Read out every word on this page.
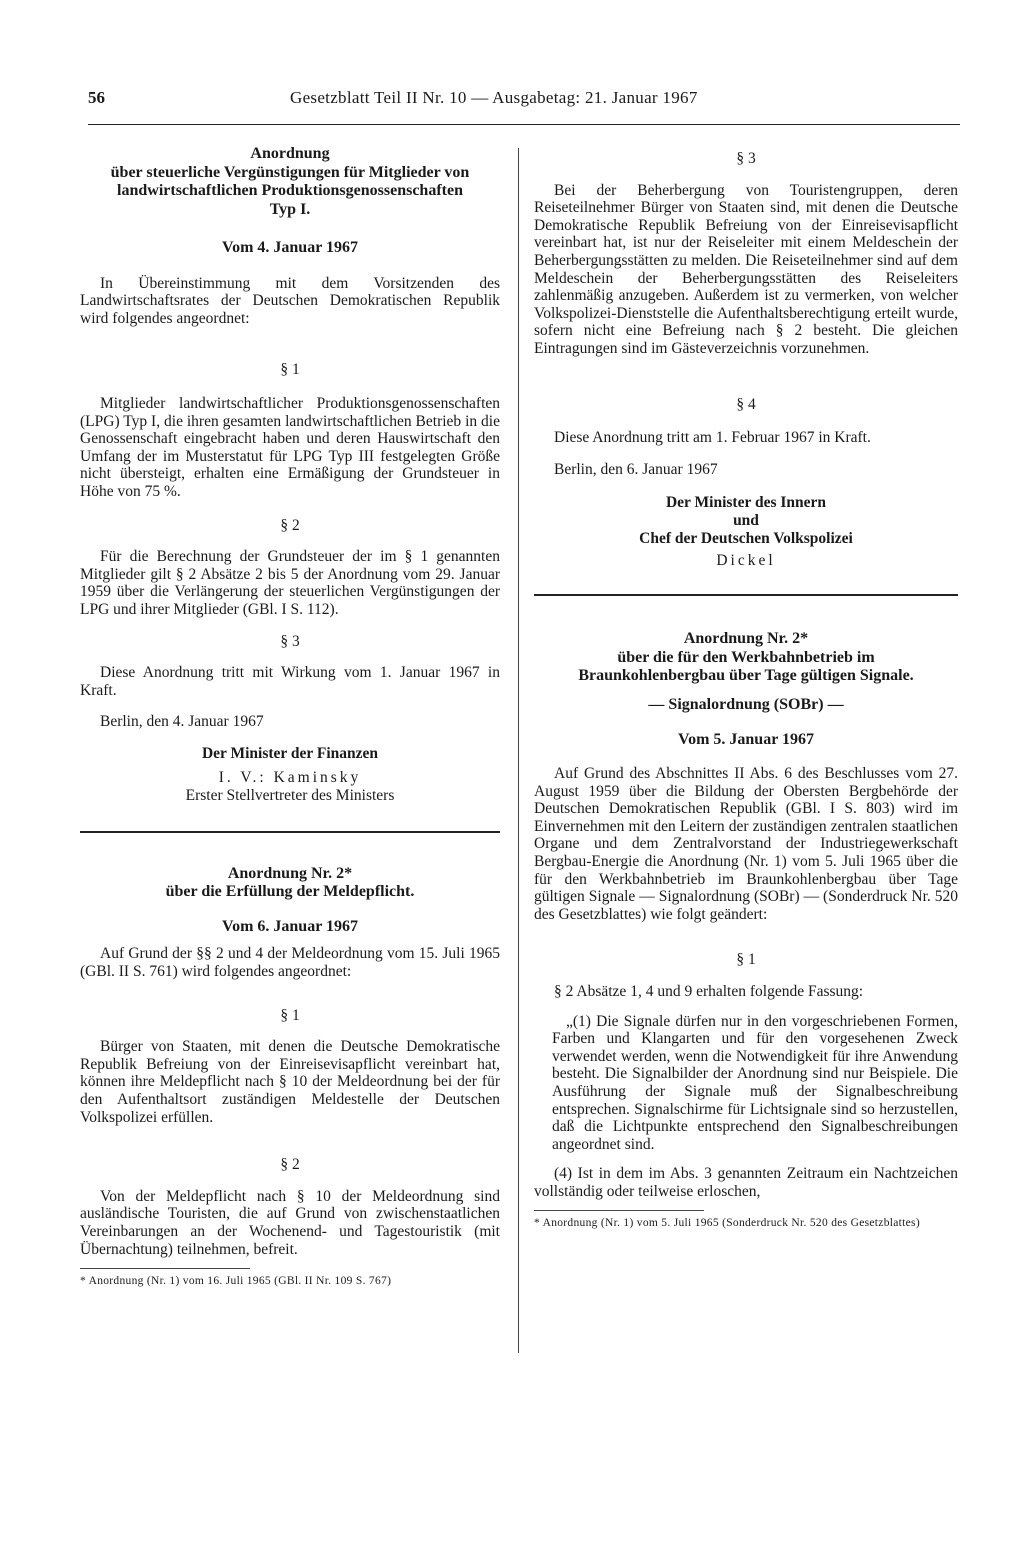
56	Gesetzblatt Teil II Nr. 10 — Ausgabetag: 21. Januar 1967
Anordnung
über steuerliche Vergünstigungen für Mitglieder von
landwirtschaftlichen Produktionsgenossenschaften
Typ I.
Vom 4. Januar 1967

In Übereinstimmung mit dem Vorsitzenden des Landwirtschaftsrates der Deutschen Demokratischen Republik wird folgendes angeordnet:

§ 1

Mitglieder landwirtschaftlicher Produktionsgenossenschaften (LPG) Typ I, die ihren gesamten landwirtschaftlichen Betrieb in die Genossenschaft eingebracht haben und deren Hauswirtschaft den Umfang der im Musterstatut für LPG Typ III festgelegten Größe nicht übersteigt, erhalten eine Ermäßigung der Grundsteuer in Höhe von 75 %.

§ 2

Für die Berechnung der Grundsteuer der im § 1 genannten Mitglieder gilt § 2 Absätze 2 bis 5 der Anordnung vom 29. Januar 1959 über die Verlängerung der steuerlichen Vergünstigungen der LPG und ihrer Mitglieder (GBl. I S. 112).

§ 3

Diese Anordnung tritt mit Wirkung vom 1. Januar 1967 in Kraft.

Berlin, den 4. Januar 1967
Der Minister der Finanzen
I. V.: Kaminsky
Erster Stellvertreter des Ministers
Anordnung Nr. 2*
über die Erfüllung der Meldepflicht.
Vom 6. Januar 1967

Auf Grund der §§ 2 und 4 der Meldeordnung vom 15. Juli 1965 (GBl. II S. 761) wird folgendes angeordnet:

§ 1

Bürger von Staaten, mit denen die Deutsche Demokratische Republik Befreiung von der Einreisevisapflicht vereinbart hat, können ihre Meldepflicht nach § 10 der Meldeordnung bei der für den Aufenthaltsort zuständigen Meldestelle der Deutschen Volkspolizei erfüllen.

§ 2

Von der Meldepflicht nach § 10 der Meldeordnung sind ausländische Touristen, die auf Grund von zwischenstaatlichen Vereinbarungen an der Wochenend- und Tagestouristik (mit Übernachtung) teilnehmen, befreit.

* Anordnung (Nr. 1) vom 16. Juli 1965 (GBl. II Nr. 109 S. 767)
§ 3

Bei der Beherbergung von Touristengruppen, deren Reiseteilnehmer Bürger von Staaten sind, mit denen die Deutsche Demokratische Republik Befreiung von der Einreisevisapflicht vereinbart hat, ist nur der Reiseleiter mit einem Meldeschein der Beherbergungsstätten zu melden. Die Reiseteilnehmer sind auf dem Meldeschein der Beherbergungsstätten des Reiseleiters zahlenmäßig anzugeben. Außerdem ist zu vermerken, von welcher Volkspolizei-Dienststelle die Aufenthaltsberechtigung erteilt wurde, sofern nicht eine Befreiung nach § 2 besteht. Die gleichen Eintragungen sind im Gästeverzeichnis vorzunehmen.

§ 4

Diese Anordnung tritt am 1. Februar 1967 in Kraft.

Berlin, den 6. Januar 1967
Der Minister des Innern
und
Chef der Deutschen Volkspolizei
Dickel
Anordnung Nr. 2*
über die für den Werkbahnbetrieb im
Braunkohlenbergbau über Tage gültigen Signale.
— Signalordnung (SOBr) —
Vom 5. Januar 1967

Auf Grund des Abschnittes II Abs. 6 des Beschlusses vom 27. August 1959 über die Bildung der Obersten Bergbehörde der Deutschen Demokratischen Republik (GBl. I S. 803) wird im Einvernehmen mit den Leitern der zuständigen zentralen staatlichen Organe und dem Zentralvorstand der Industriegewerkschaft Bergbau-Energie die Anordnung (Nr. 1) vom 5. Juli 1965 über die für den Werkbahnbetrieb im Braunkohlenbergbau über Tage gültigen Signale — Signalordnung (SOBr) — (Sonderdruck Nr. 520 des Gesetzblattes) wie folgt geändert:

§ 1

§ 2 Absätze 1, 4 und 9 erhalten folgende Fassung:

„(1) Die Signale dürfen nur in den vorgeschriebenen Formen, Farben und Klangarten und für den vorgesehenen Zweck verwendet werden, wenn die Notwendigkeit für ihre Anwendung besteht. Die Signalbilder der Anordnung sind nur Beispiele. Die Ausführung der Signale muß der Signalbeschreibung entsprechen. Signalschirme für Lichtsignale sind so herzustellen, daß die Lichtpunkte entsprechend den Signalbeschreibungen angeordnet sind.

(4) Ist in dem im Abs. 3 genannten Zeitraum ein Nachtzeichen vollständig oder teilweise erloschen,

* Anordnung (Nr. 1) vom 5. Juli 1965 (Sonderdruck Nr. 520 des Gesetzblattes)
